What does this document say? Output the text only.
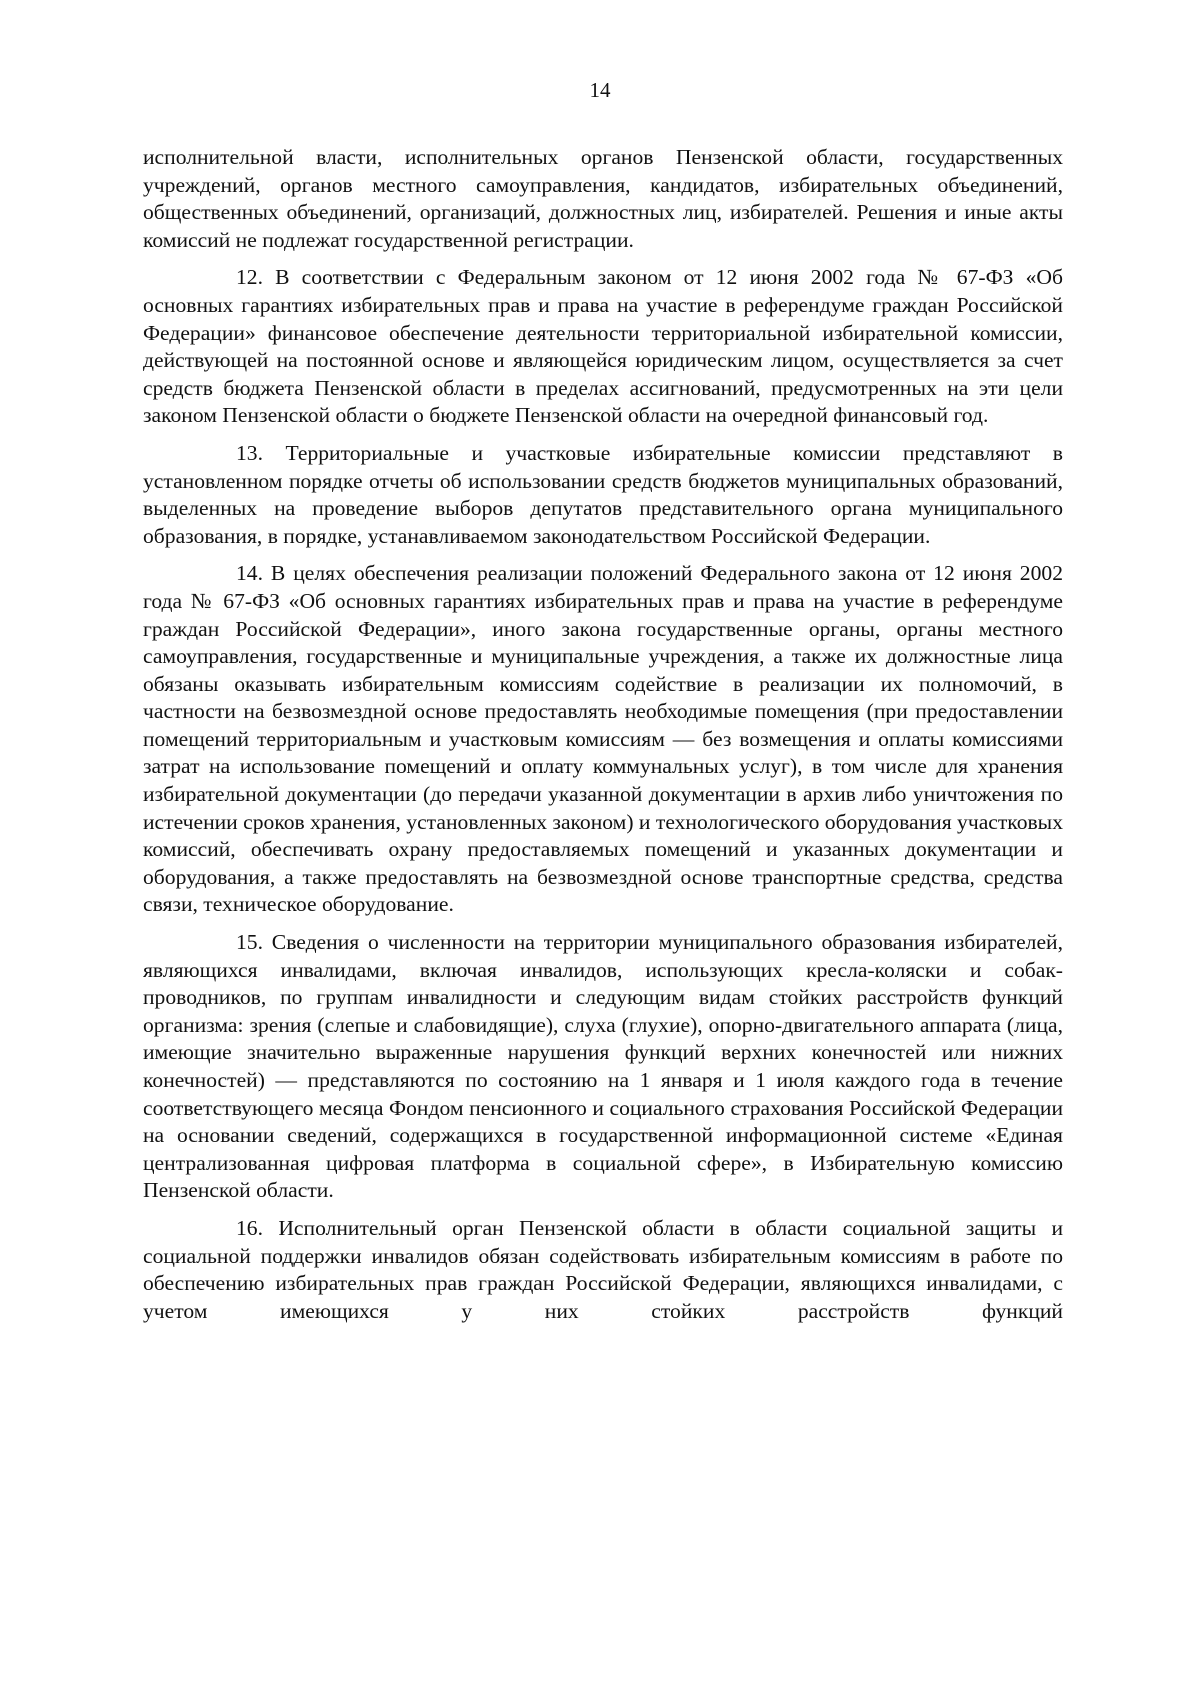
14

исполнительной власти, исполнительных органов Пензенской области, государственных учреждений, органов местного самоуправления, кандидатов, избирательных объединений, общественных объединений, организаций, должностных лиц, избирателей. Решения и иные акты комиссий не подлежат государственной регистрации.

12. В соответствии с Федеральным законом от 12 июня 2002 года № 67-ФЗ «Об основных гарантиях избирательных прав и права на участие в референдуме граждан Российской Федерации» финансовое обеспечение деятельности территориальной избирательной комиссии, действующей на постоянной основе и являющейся юридическим лицом, осуществляется за счет средств бюджета Пензенской области в пределах ассигнований, предусмотренных на эти цели законом Пензенской области о бюджете Пензенской области на очередной финансовый год.

13. Территориальные и участковые избирательные комиссии представляют в установленном порядке отчеты об использовании средств бюджетов муниципальных образований, выделенных на проведение выборов депутатов представительного органа муниципального образования, в порядке, устанавливаемом законодательством Российской Федерации.

14. В целях обеспечения реализации положений Федерального закона от 12 июня 2002 года № 67-ФЗ «Об основных гарантиях избирательных прав и права на участие в референдуме граждан Российской Федерации», иного закона государственные органы, органы местного самоуправления, государственные и муниципальные учреждения, а также их должностные лица обязаны оказывать избирательным комиссиям содействие в реализации их полномочий, в частности на безвозмездной основе предоставлять необходимые помещения (при предоставлении помещений территориальным и участковым комиссиям — без возмещения и оплаты комиссиями затрат на использование помещений и оплату коммунальных услуг), в том числе для хранения избирательной документации (до передачи указанной документации в архив либо уничтожения по истечении сроков хранения, установленных законом) и технологического оборудования участковых комиссий, обеспечивать охрану предоставляемых помещений и указанных документации и оборудования, а также предоставлять на безвозмездной основе транспортные средства, средства связи, техническое оборудование.

15. Сведения о численности на территории муниципального образования избирателей, являющихся инвалидами, включая инвалидов, использующих кресла-коляски и собак-проводников, по группам инвалидности и следующим видам стойких расстройств функций организма: зрения (слепые и слабовидящие), слуха (глухие), опорно-двигательного аппарата (лица, имеющие значительно выраженные нарушения функций верхних конечностей или нижних конечностей) — представляются по состоянию на 1 января и 1 июля каждого года в течение соответствующего месяца Фондом пенсионного и социального страхования Российской Федерации на основании сведений, содержащихся в государственной информационной системе «Единая централизованная цифровая платформа в социальной сфере», в Избирательную комиссию Пензенской области.

16. Исполнительный орган Пензенской области в области социальной защиты и социальной поддержки инвалидов обязан содействовать избирательным комиссиям в работе по обеспечению избирательных прав граждан Российской Федерации, являющихся инвалидами, с учетом имеющихся у них стойких расстройств функций
